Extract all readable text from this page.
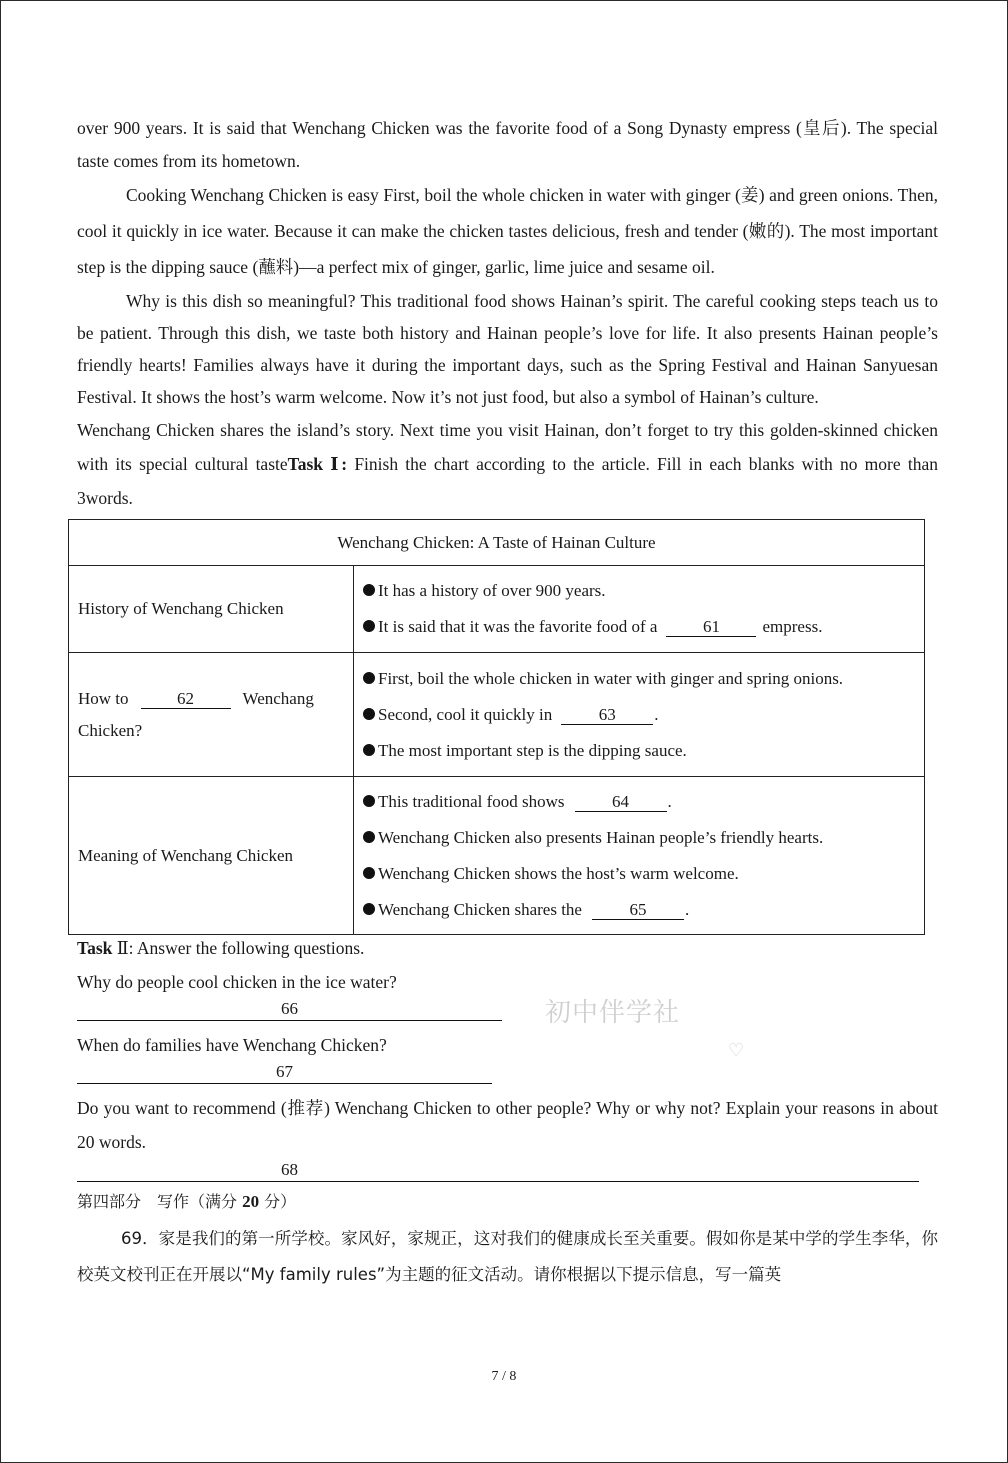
over 900 years. It is said that Wenchang Chicken was the favorite food of a Song Dynasty empress (皇后). The special taste comes from its hometown.

Cooking Wenchang Chicken is easy First, boil the whole chicken in water with ginger (姜) and green onions. Then, cool it quickly in ice water. Because it can make the chicken tastes delicious, fresh and tender (嫩的). The most important step is the dipping sauce (蘸料)—a perfect mix of ginger, garlic, lime juice and sesame oil.

Why is this dish so meaningful? This traditional food shows Hainan’s spirit. The careful cooking steps teach us to be patient. Through this dish, we taste both history and Hainan people’s love for life. It also presents Hainan people’s friendly hearts! Families always have it during the important days, such as the Spring Festival and Hainan Sanyuesan Festival. It shows the host’s warm welcome. Now it’s not just food, but also a symbol of Hainan’s culture.

Wenchang Chicken shares the island’s story. Next time you visit Hainan, don’t forget to try this golden-skinned chicken with its special cultural tasteTask Ⅰ: Finish the chart according to the article. Fill in each blanks with no more than 3words.

Wenchang Chicken: A Taste of Hainan Culture	
History of Wenchang Chicken	It has a history of over 900 years.
It is said that it was the favorite food of a 61 empress.

How to 62 Wenchang Chicken?	First, boil the whole chicken in water with ginger and spring onions.
Second, cool it quickly in 63 .
The most important step is the dipping sauce.

Meaning of Wenchang Chicken	This traditional food shows 64 .
Wenchang Chicken also presents Hainan people’s friendly hearts.
Wenchang Chicken shows the host’s warm welcome.
Wenchang Chicken shares the 65 .
Task Ⅱ: Answer the following questions.
Why do people cool chicken in the ice water?
66
When do families have Wenchang Chicken?
67

Do you want to recommend (推荐) Wenchang Chicken to other people? Why or why not? Explain your reasons in about 20 words.

68
第四部分　写作（满分 20 分）

69．家是我们的第一所学校。家风好，家规正，这对我们的健康成长至关重要。假如你是某中学的学生李华，你校英文校刊正在开展以“My family rules”为主题的征文活动。请你根据以下提示信息，写一篇英

初中伴学社
♡
7 / 8
